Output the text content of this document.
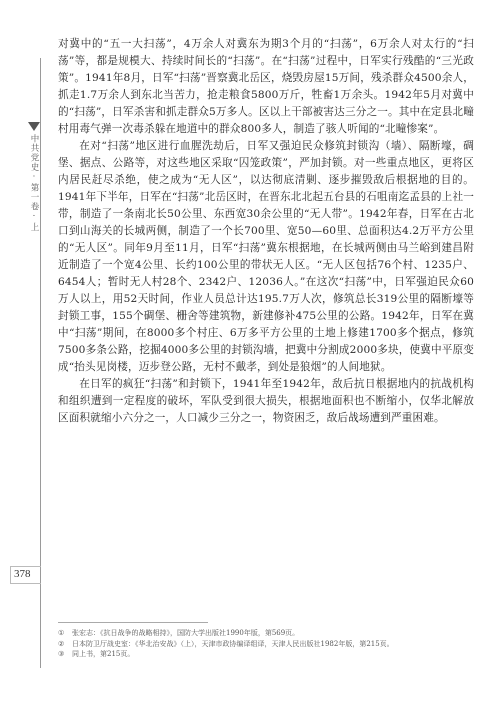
中共党史·第一卷·上
378

对冀中的“五一大扫荡”，4万余人对冀东为期3个月的“扫荡”，6万余人对太行的“扫荡”等，都是规模大、持续时间长的“扫荡”。在“扫荡”过程中，日军实行残酷的“三光政策”。1941年8月，日军“扫荡”晋察冀北岳区，烧毁房屋15万间，残杀群众4500余人，抓走1.7万余人到东北当苦力，抢走粮食5800万斤，牲畜1万余头。1942年5月对冀中的“扫荡”，日军杀害和抓走群众5万多人。区以上干部被害达三分之一。其中在定县北疃村用毒气弹一次毒杀躲在地道中的群众800多人，制造了骇人听闻的“北疃惨案”。

在对“扫荡”地区进行血腥洗劫后，日军又强迫民众修筑封锁沟（墙）、隔断壕，碉堡、据点、公路等，对这些地区采取“囚笼政策”，严加封锁。对一些重点地区，更将区内居民赶尽杀绝，使之成为“无人区”，以达彻底清剿、逐步摧毁敌后根据地的目的。1941年下半年，日军在“扫荡”北岳区时，在晋东北北起五台县的石咀南迄孟县的上社一带，制造了一条南北长50公里、东西宽30余公里的“无人带”。1942年春，日军在古北口到山海关的长城两侧，制造了一个长700里、宽50—60里、总面积达4.2万平方公里的“无人区”。同年9月至11月，日军“扫荡”冀东根据地，在长城两侧由马兰峪到建昌附近制造了一个宽4公里、长约100公里的带状无人区。“无人区包括76个村、1235户、6454人；暂时无人村28个、2342户、12036人。”在这次“扫荡”中，日军强迫民众60万人以上，用52天时间，作业人员总计达195.7万人次，修筑总长319公里的隔断壕等封锁工事，155个碉堡、栅舍等建筑物，新建修补475公里的公路。1942年，日军在冀中“扫荡”期间，在8000多个村庄、6万多平方公里的土地上修建1700多个据点，修筑7500多条公路，挖掘4000多公里的封锁沟墙，把冀中分割成2000多块，使冀中平原变成“抬头见岗楼，迈步登公路，无村不戴孝，到处是狼烟”的人间地狱。

在日军的疯狂“扫荡”和封锁下，1941年至1942年，敌后抗日根据地内的抗战机构和组织遭到一定程度的破坏，军队受到很大损失，根据地面积也不断缩小，仅华北解放区面积就缩小六分之一，人口减少三分之一，物资困乏，敌后战场遭到严重困难。

① 张宏志：《抗日战争的战略相持》，国防大学出版社1990年版，第569页。
② 日本防卫厅战史室：《华北治安战》（上），天津市政协编译组译，天津人民出版社1982年版，第215页。
③ 同上书，第215页。
